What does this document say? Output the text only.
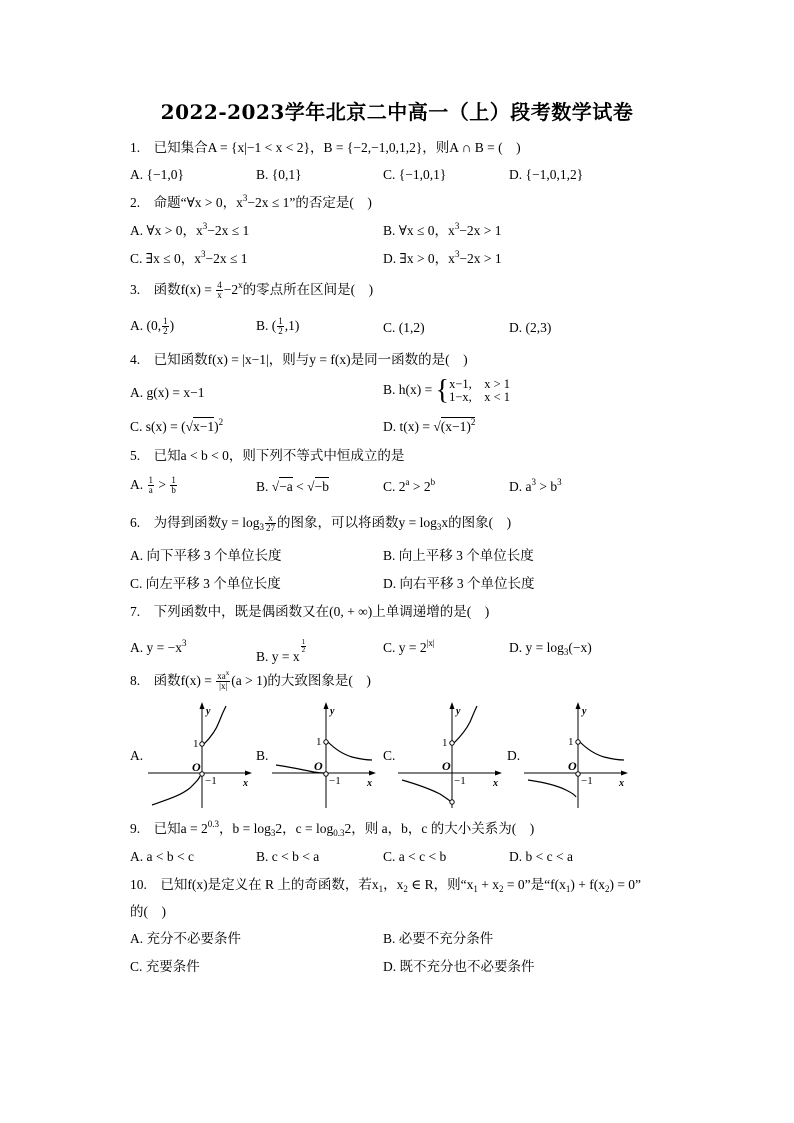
2022-2023学年北京二中高一（上）段考数学试卷
1.　已知集合A = {x|−1 < x < 2}，B = {−2,−1,0,1,2}，则A ∩ B = (　)
A. {−1,0}	B. {0,1}	C. {−1,0,1}	D. {−1,0,1,2}
2.　命题“∀x > 0，$x^3-2x \le 1$”的否定是(　)
A. ∀x > 0，$x^3-2x \le 1$	B. ∀x ≤ 0，$x^3-2x > 1$
C. ∃x ≤ 0，$x^3-2x \le 1$	D. ∃x > 0，$x^3-2x > 1$
3.　函数$f(x) = \frac{4}{x} -2^x$的零点所在区间是(　)
A. (0, $\frac{1}{2}$ )	B. ( $\frac{1}{2} ,1$)	C. (1,2)	D. (2,3)
4.　已知函数f(x) = |x−1|，则与y = f(x)是同一函数的是(　)
A. g(x) = x−1	B. h(x) = { x−1,　x > 1
1−x,　x < 1
C. $s(x) = (√x-1)^2$	D. $t(x) = √(x-1)^2$
5.　已知a < b < 0，则下列不等式中恒成立的是
A. $\frac{1}{a} > \frac{1}{b}$	B. √−a < √−b	C. $2^a > 2^b$	D. $a^3 > b^3$
6.　为得到函数$y = \log_3 \frac{x}{27}$ 的图象，可以将函数$y = \log_3x$的图象(　)
A. 向下平移 3 个单位长度	B. 向上平移 3 个单位长度
C. 向左平移 3 个单位长度	D. 向右平移 3 个单位长度
7.　下列函数中，既是偶函数又在(0, + ∞)上单调递增的是(　)
A. $y = -x^3$
B. y = x
$\frac{1}{2}$	C. $y = 2^{|x|}$	D. $y = \log_3(-x)$
8.　函数$f(x) = \frac{xa^x}{|x|} (a > 1)$的大致图象是(　)
A.	B.	C.	D.
y
x
O
1
−1
y
x
O
1
−1
y
x
O
1
−1
y
x
O
1
−1
9.　已知$a = 2^{0.3}$，$b = \log_32$，$c = \log_{0.3}2$，则 a，b，c 的大小关系为(　)
A. a < b < c	B. c < b < a	C. a < c < b	D. b < c < a
10.　已知f(x)是定义在 R 上的奇函数，若$x_1$，$x_2$ ∈ R，则“$x_1 + x_2 = 0$”是“$f(x_1) + f(x_2) = 0$”
的(　)
A. 充分不必要条件	B. 必要不充分条件
C. 充要条件	D. 既不充分也不必要条件
